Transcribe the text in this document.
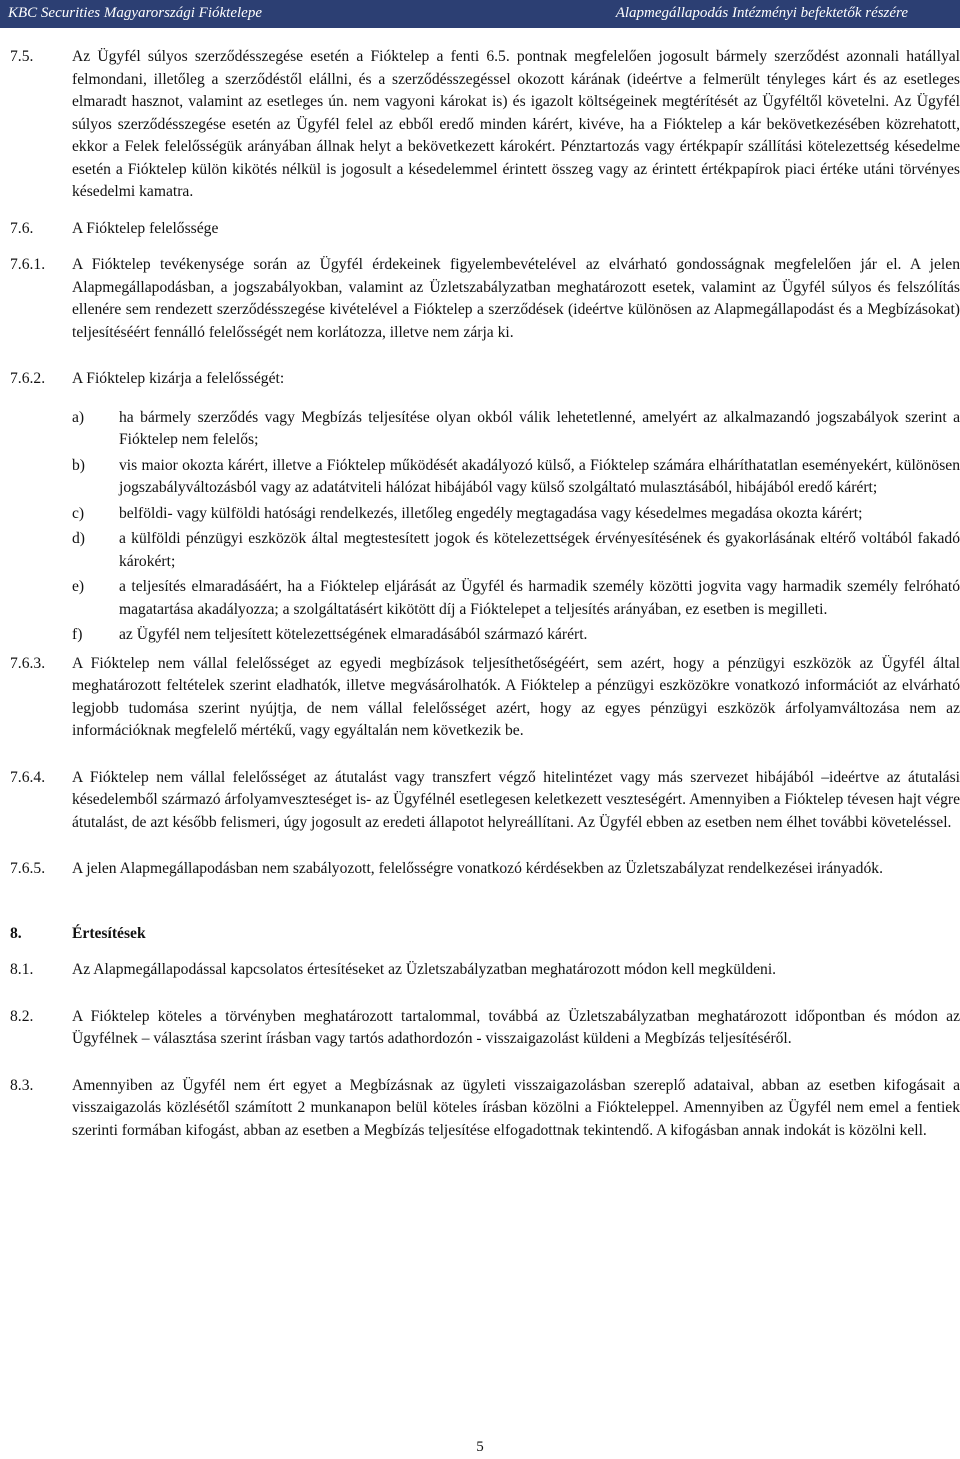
KBC Securities Magyarországi Fióktelepe	Alapmegállapodás Intézményi befektetők részére
7.5.	Az Ügyfél súlyos szerződésszegése esetén a Fióktelep a fenti 6.5. pontnak megfelelően jogosult bármely szerződést azonnali hatállyal felmondani, illetőleg a szerződéstől elállni, és a szerződésszegéssel okozott kárának (ideértve a felmerült tényleges kárt és az esetleges elmaradt hasznot, valamint az esetleges ún. nem vagyoni károkat is) és igazolt költségeinek megtérítését az Ügyféltől követelni. Az Ügyfél súlyos szerződésszegése esetén az Ügyfél felel az ebből eredő minden kárért, kivéve, ha a Fióktelep a kár bekövetkezésében közrehatott, ekkor a Felek felelősségük arányában állnak helyt a bekövetkezett károkért. Pénztartozás vagy értékpapír szállítási kötelezettség késedelme esetén a Fióktelep külön kikötés nélkül is jogosult a késedelemmel érintett összeg vagy az érintett értékpapírok piaci értéke utáni törvényes késedelmi kamatra.
7.6.	A Fióktelep felelőssége
7.6.1.	A Fióktelep tevékenysége során az Ügyfél érdekeinek figyelembevételével az elvárható gondosságnak megfelelően jár el. A jelen Alapmegállapodásban, a jogszabályokban, valamint az Üzletszabályzatban meghatározott esetek, valamint az Ügyfél súlyos és felszólítás ellenére sem rendezett szerződésszegése kivételével a Fióktelep a szerződések (ideértve különösen az Alapmegállapodást és a Megbízásokat) teljesítéséért fennálló felelősségét nem korlátozza, illetve nem zárja ki.
7.6.2.	A Fióktelep kizárja a felelősségét:
a)	ha bármely szerződés vagy Megbízás teljesítése olyan okból válik lehetetlenné, amelyért az alkalmazandó jogszabályok szerint a Fióktelep nem felelős;
b)	vis maior okozta kárért, illetve a Fióktelep működését akadályozó külső, a Fióktelep számára elháríthatatlan eseményekért, különösen jogszabályváltozásból vagy az adatátviteli hálózat hibájából vagy külső szolgáltató mulasztásából, hibájából eredő kárért;
c)	belföldi- vagy külföldi hatósági rendelkezés, illetőleg engedély megtagadása vagy késedelmes megadása okozta kárért;
d)	a külföldi pénzügyi eszközök által megtestesített jogok és kötelezettségek érvényesítésének és gyakorlásának eltérő voltából fakadó károkért;
e)	a teljesítés elmaradásáért, ha a Fióktelep eljárását az Ügyfél és harmadik személy közötti jogvita vagy harmadik személy felróható magatartása akadályozza; a szolgáltatásért kikötött díj a Fióktelepet a teljesítés arányában, ez esetben is megilleti.
f)	az Ügyfél nem teljesített kötelezettségének elmaradásából származó kárért.
7.6.3.	A Fióktelep nem vállal felelősséget az egyedi megbízások teljesíthetőségéért, sem azért, hogy a pénzügyi eszközök az Ügyfél által meghatározott feltételek szerint eladhatók, illetve megvásárolhatók. A Fióktelep a pénzügyi eszközökre vonatkozó információt az elvárható legjobb tudomása szerint nyújtja, de nem vállal felelősséget azért, hogy az egyes pénzügyi eszközök árfolyamváltozása nem az információknak megfelelő mértékű, vagy egyáltalán nem következik be.
7.6.4.	A Fióktelep nem vállal felelősséget az átutalást vagy transzfert végző hitelintézet vagy más szervezet hibájából –ideértve az átutalási késedelemből származó árfolyamveszteséget is- az Ügyfélnél esetlegesen keletkezett veszteségért. Amennyiben a Fióktelep tévesen hajt végre átutalást, de azt később felismeri, úgy jogosult az eredeti állapotot helyreállítani. Az Ügyfél ebben az esetben nem élhet további követeléssel.
7.6.5.	A jelen Alapmegállapodásban nem szabályozott, felelősségre vonatkozó kérdésekben az Üzletszabályzat rendelkezései irányadók.
8.	Értesítések
8.1.	Az Alapmegállapodással kapcsolatos értesítéseket az Üzletszabályzatban meghatározott módon kell megküldeni.
8.2.	A Fióktelep köteles a törvényben meghatározott tartalommal, továbbá az Üzletszabályzatban meghatározott időpontban és módon az Ügyfélnek – választása szerint írásban vagy tartós adathordozón - visszaigazolást küldeni a Megbízás teljesítéséről.
8.3.	Amennyiben az Ügyfél nem ért egyet a Megbízásnak az ügyleti visszaigazolásban szereplő adataival, abban az esetben kifogásait a visszaigazolás közlésétől számított 2 munkanapon belül köteles írásban közölni a Fiókteleppel. Amennyiben az Ügyfél nem emel a fentiek szerinti formában kifogást, abban az esetben a Megbízás teljesítése elfogadottnak tekintendő. A kifogásban annak indokát is közölni kell.
5
